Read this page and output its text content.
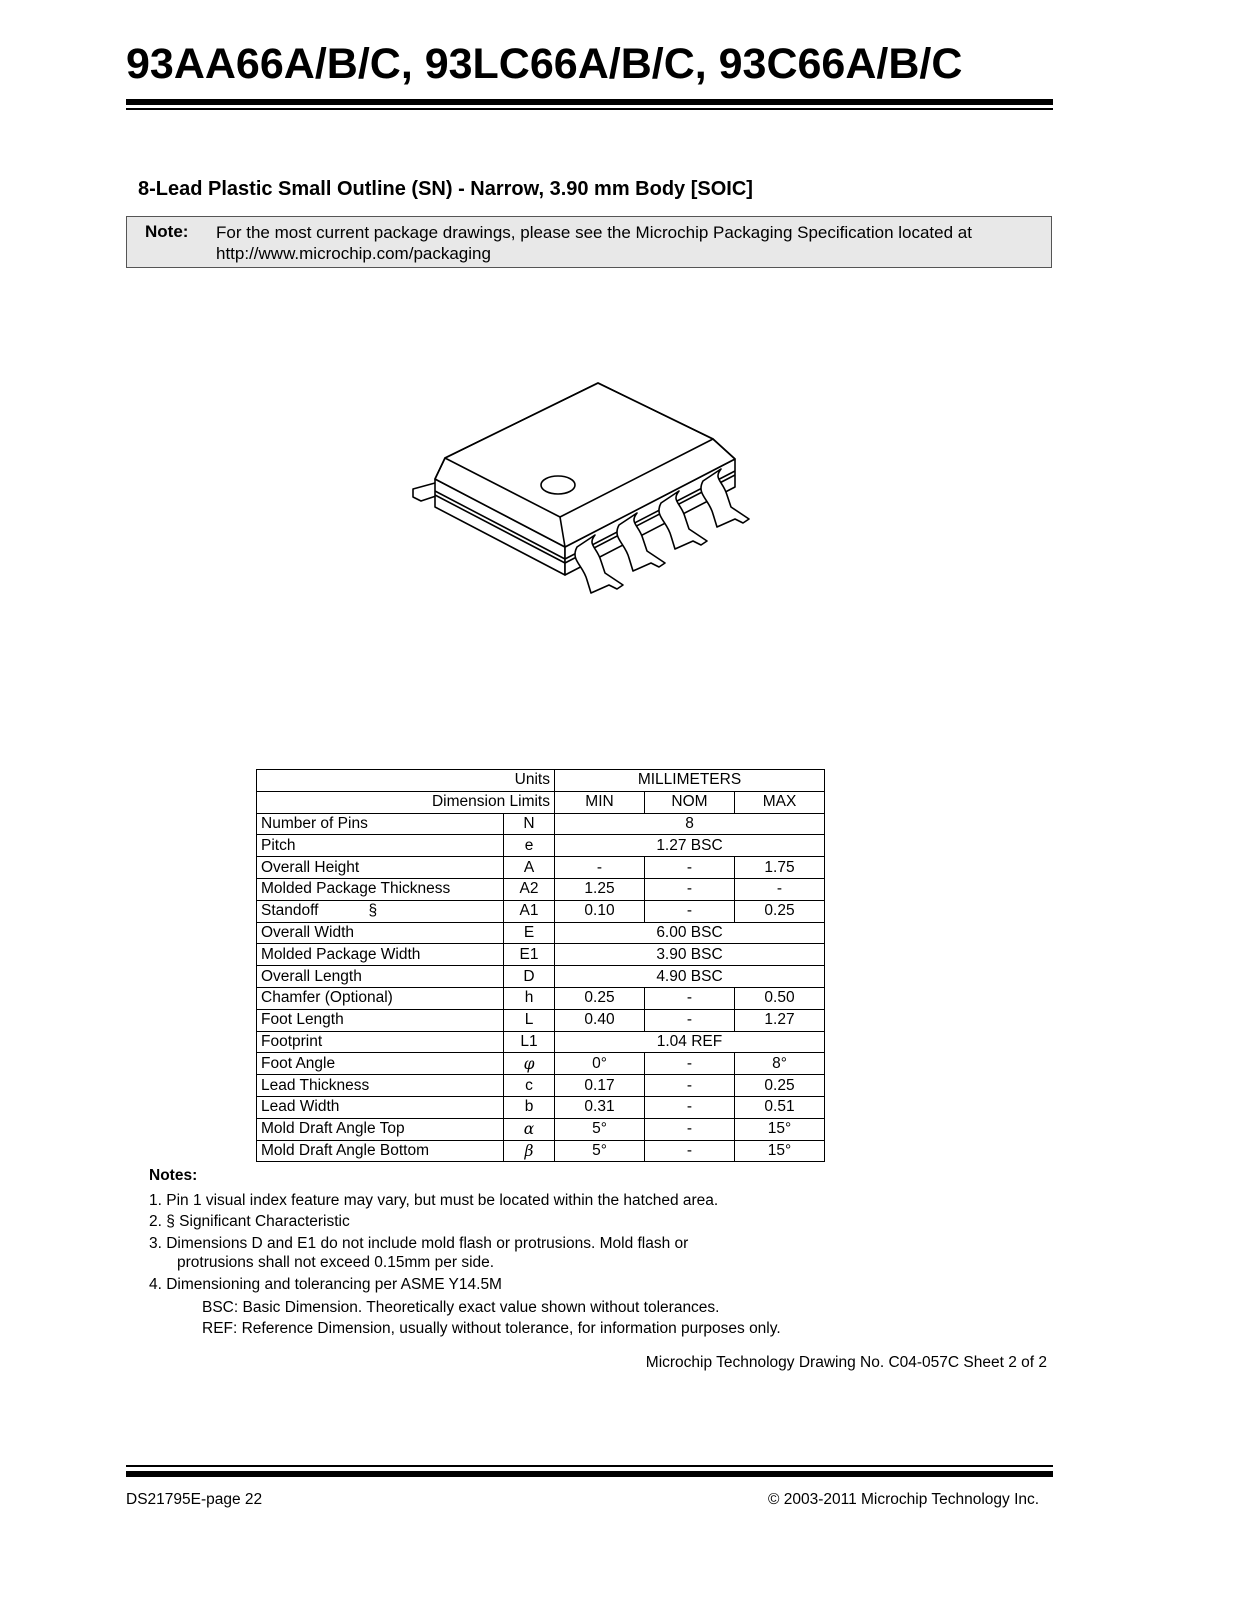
93AA66A/B/C, 93LC66A/B/C, 93C66A/B/C
8-Lead Plastic Small Outline (SN) - Narrow, 3.90 mm Body [SOIC]
Note: For the most current package drawings, please see the Microchip Packaging Specification located at
http://www.microchip.com/packaging
Units		MILLIMETERS		
Dimension Limits		MIN	NOM	MAX
Number of Pins	N	8		
Pitch	e	1.27 BSC		
Overall Height	A	-	-	1.75
Molded Package Thickness	A2	1.25	-	-
Standoff §	A1	0.10	-	0.25
Overall Width	E	6.00 BSC		
Molded Package Width	E1	3.90 BSC		
Overall Length	D	4.90 BSC		
Chamfer (Optional)	h	0.25	-	0.50
Foot Length	L	0.40	-	1.27
Footprint	L1	1.04 REF		
Foot Angle	φ	0°	-	8°
Lead Thickness	c	0.17	-	0.25
Lead Width	b	0.31	-	0.51
Mold Draft Angle Top	α	5°	-	15°
Mold Draft Angle Bottom	β	5°	-	15°
Notes:
1. Pin 1 visual index feature may vary, but must be located within the hatched area.
2. § Significant Characteristic
3. Dimensions D and E1 do not include mold flash or protrusions. Mold flash or
protrusions shall not exceed 0.15mm per side.
4. Dimensioning and tolerancing per ASME Y14.5M
BSC: Basic Dimension. Theoretically exact value shown without tolerances.
REF: Reference Dimension, usually without tolerance, for information purposes only.
Microchip Technology Drawing No. C04-057C Sheet 2 of 2
DS21795E-page 22	© 2003-2011 Microchip Technology Inc.
